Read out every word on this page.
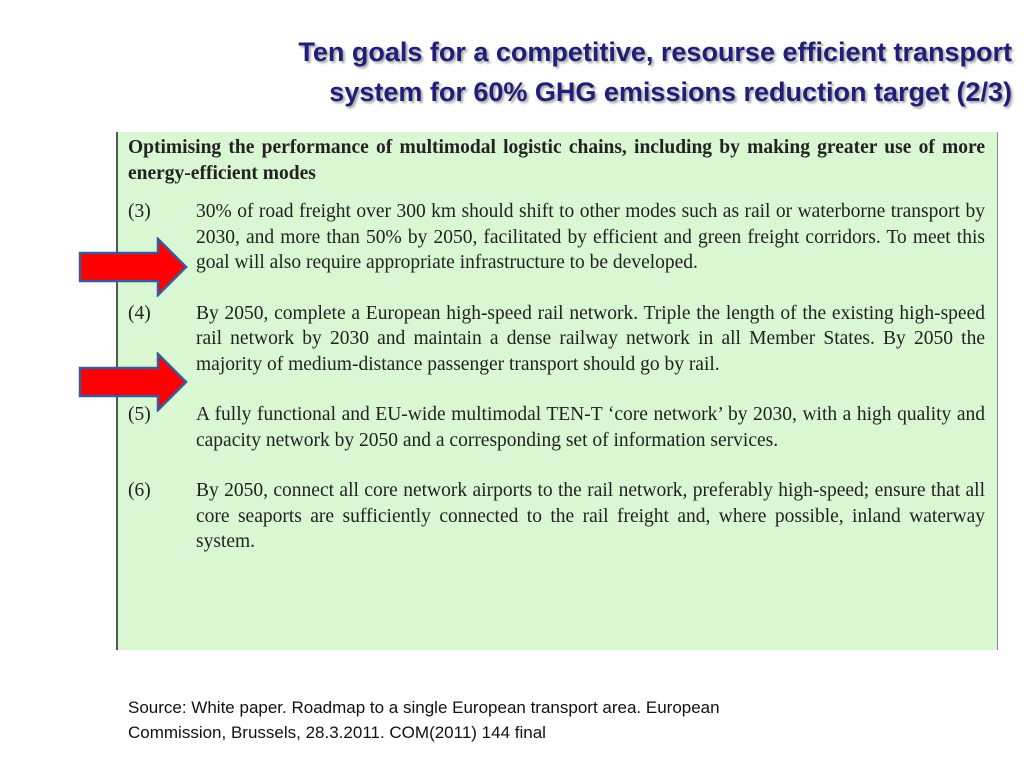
Ten goals for a competitive, resourse efficient transport
system for 60% GHG emissions reduction target (2/3)
Optimising the performance of multimodal logistic chains, including by making greater use of more energy-efficient modes
(3)	30% of road freight over 300 km should shift to other modes such as rail or waterborne transport by 2030, and more than 50% by 2050, facilitated by efficient and green freight corridors. To meet this goal will also require appropriate infrastructure to be developed.
(4)	By 2050, complete a European high-speed rail network. Triple the length of the existing high-speed rail network by 2030 and maintain a dense railway network in all Member States. By 2050 the majority of medium-distance passenger transport should go by rail.
(5)	A fully functional and EU-wide multimodal TEN-T ‘core network’ by 2030, with a high quality and capacity network by 2050 and a corresponding set of information services.
(6)	By 2050, connect all core network airports to the rail network, preferably high-speed; ensure that all core seaports are sufficiently connected to the rail freight and, where possible, inland waterway system.
Source: White paper. Roadmap to a single European transport area. European
Commission, Brussels, 28.3.2011. COM(2011) 144 final
